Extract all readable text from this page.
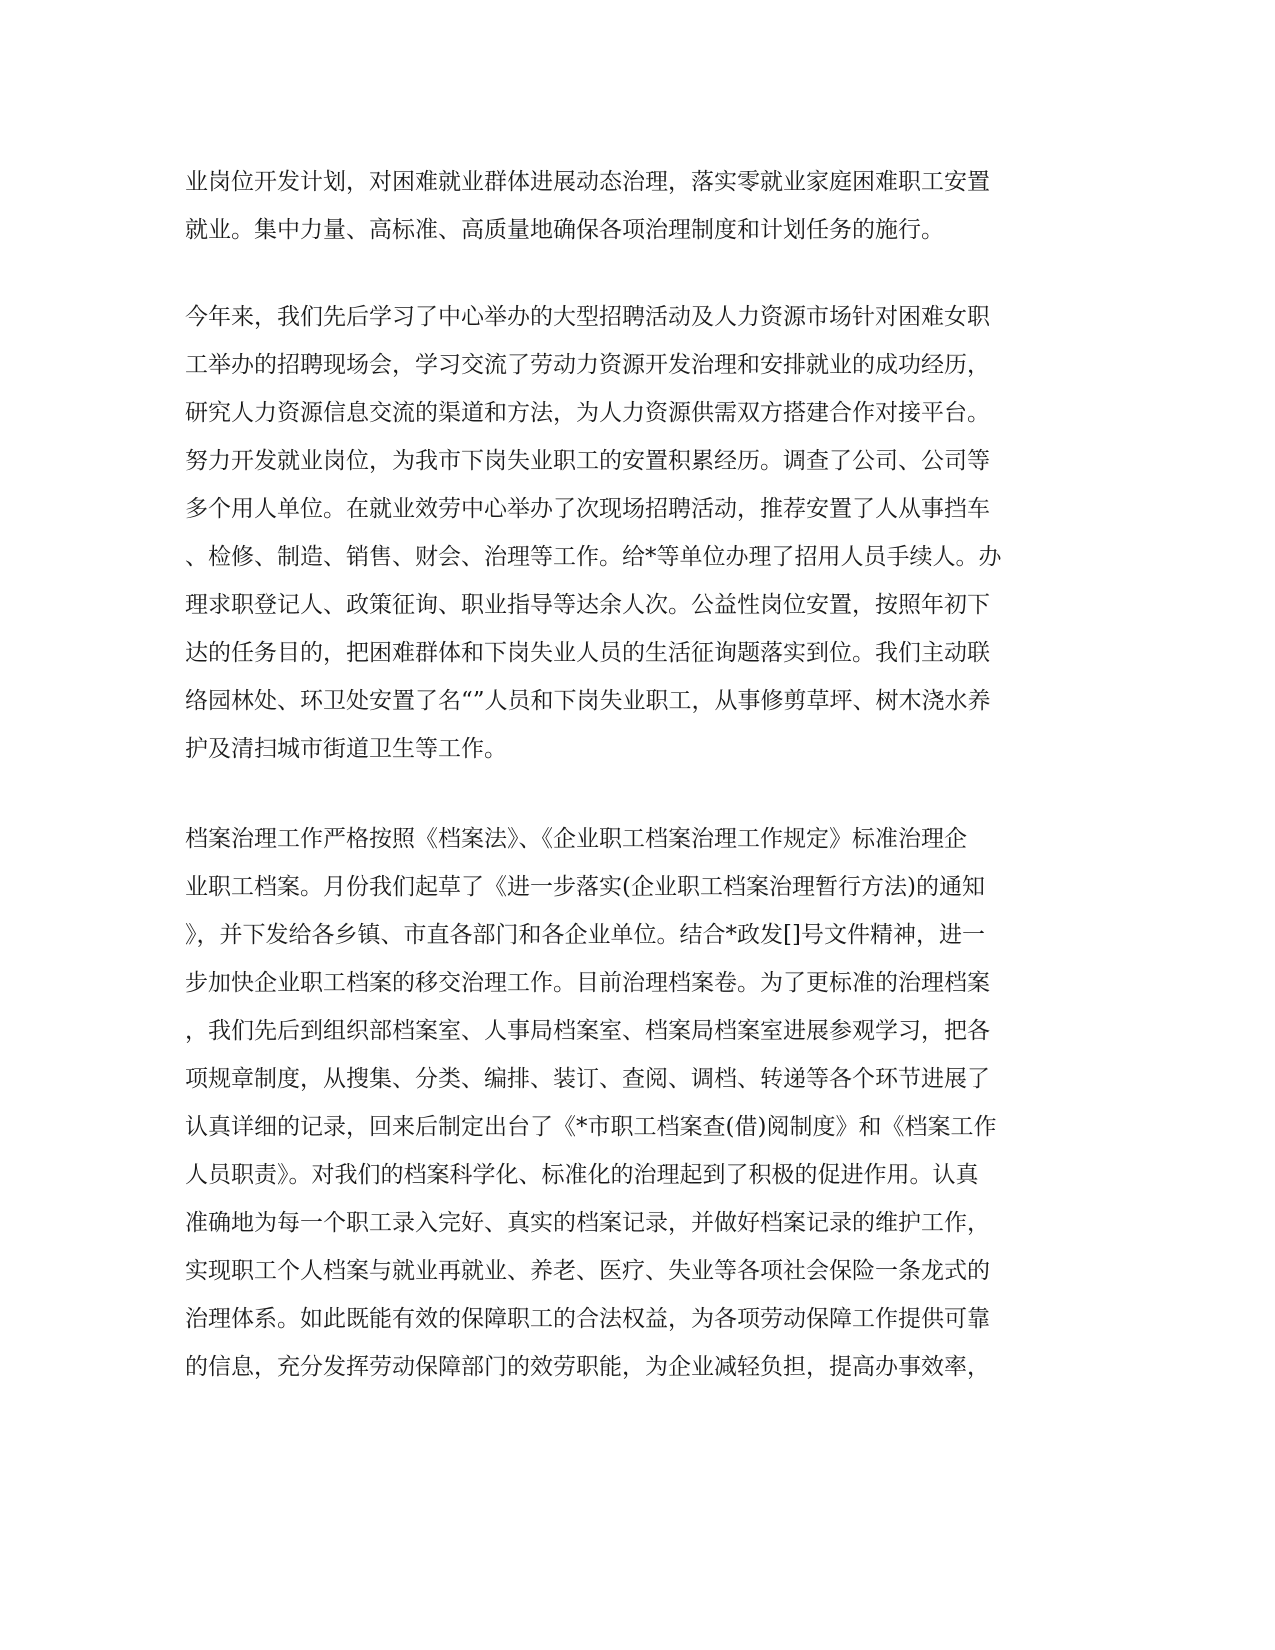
业岗位开发计划，对困难就业群体进展动态治理，落实零就业家庭困难职工安置
就业。集中力量、高标准、高质量地确保各项治理制度和计划任务的施行。
今年来，我们先后学习了中心举办的大型招聘活动及人力资源市场针对困难女职
工举办的招聘现场会，学习交流了劳动力资源开发治理和安排就业的成功经历，
研究人力资源信息交流的渠道和方法，为人力资源供需双方搭建合作对接平台。
努力开发就业岗位，为我市下岗失业职工的安置积累经历。调查了公司、公司等
多个用人单位。在就业效劳中心举办了次现场招聘活动，推荐安置了人从事挡车
、检修、制造、销售、财会、治理等工作。给*等单位办理了招用人员手续人。办
理求职登记人、政策征询、职业指导等达余人次。公益性岗位安置，按照年初下
达的任务目的，把困难群体和下岗失业人员的生活征询题落实到位。我们主动联
络园林处、环卫处安置了名“”人员和下岗失业职工，从事修剪草坪、树木浇水养
护及清扫城市街道卫生等工作。
档案治理工作严格按照《档案法》、《企业职工档案治理工作规定》标准治理企
业职工档案。月份我们起草了《进一步落实(企业职工档案治理暂行方法)的通知
》，并下发给各乡镇、市直各部门和各企业单位。结合*政发[]号文件精神，进一
步加快企业职工档案的移交治理工作。目前治理档案卷。为了更标准的治理档案
，我们先后到组织部档案室、人事局档案室、档案局档案室进展参观学习，把各
项规章制度，从搜集、分类、编排、装订、查阅、调档、转递等各个环节进展了
认真详细的记录，回来后制定出台了《*市职工档案查(借)阅制度》和《档案工作
人员职责》。对我们的档案科学化、标准化的治理起到了积极的促进作用。认真
准确地为每一个职工录入完好、真实的档案记录，并做好档案记录的维护工作，
实现职工个人档案与就业再就业、养老、医疗、失业等各项社会保险一条龙式的
治理体系。如此既能有效的保障职工的合法权益，为各项劳动保障工作提供可靠
的信息，充分发挥劳动保障部门的效劳职能，为企业减轻负担，提高办事效率，
